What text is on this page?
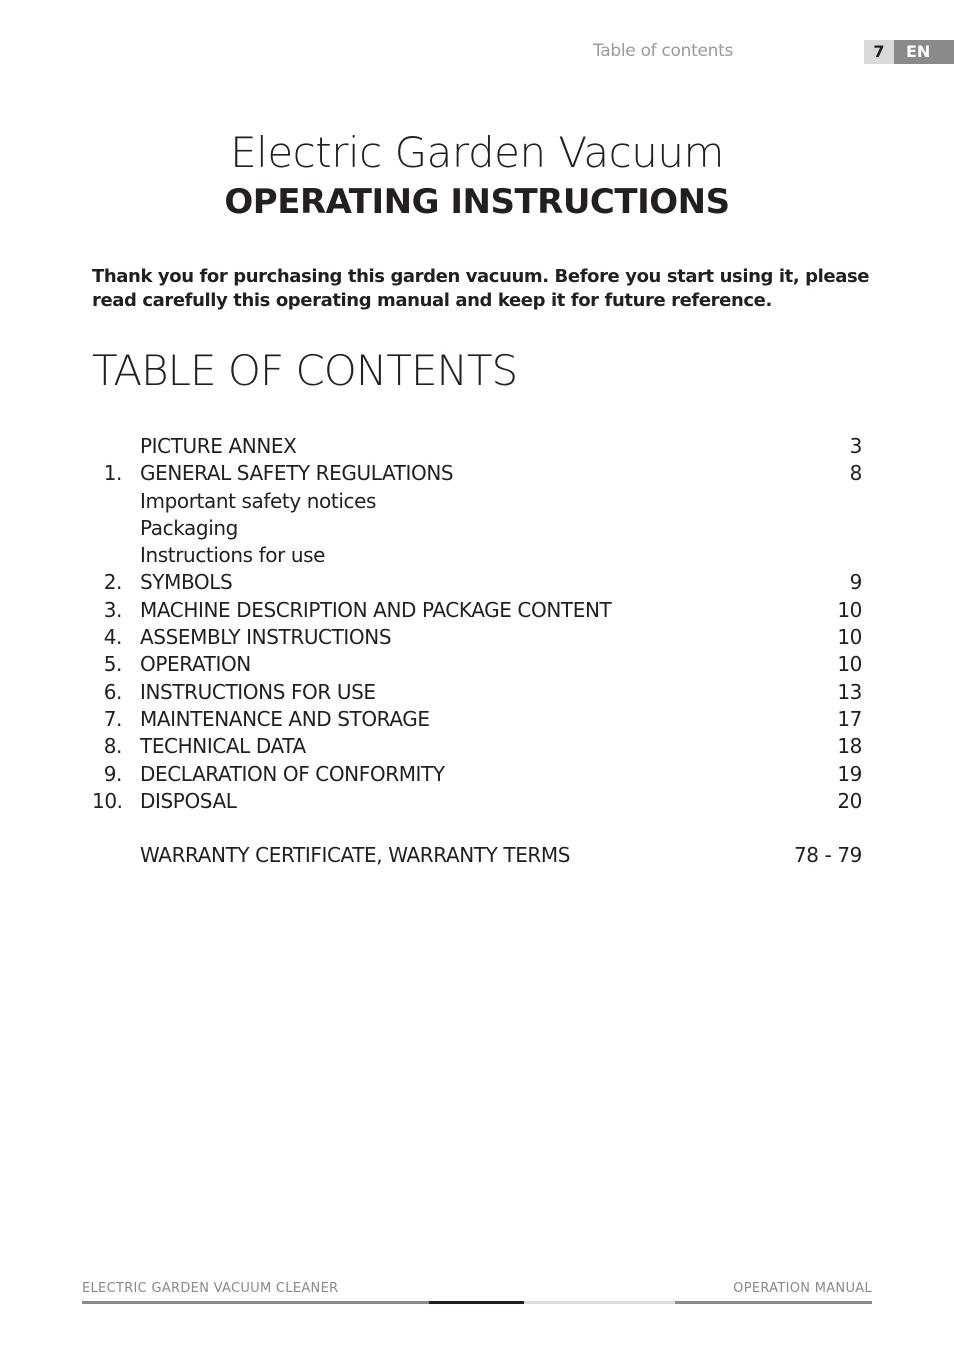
Table of contents	7	EN
Electric Garden Vacuum
OPERATING INSTRUCTIONS
Thank you for purchasing this garden vacuum. Before you start using it, please read carefully this operating manual and keep it for future reference.
TABLE OF CONTENTS
PICTURE ANNEX	3
1. GENERAL SAFETY REGULATIONS	8
Important safety notices
Packaging
Instructions for use
2. SYMBOLS	9
3. MACHINE DESCRIPTION AND PACKAGE CONTENT	10
4. ASSEMBLY INSTRUCTIONS	10
5. OPERATION	10
6. INSTRUCTIONS FOR USE	13
7. MAINTENANCE AND STORAGE	17
8. TECHNICAL DATA	18
9. DECLARATION OF CONFORMITY	19
10. DISPOSAL	20
WARRANTY CERTIFICATE, WARRANTY TERMS	78 - 79
ELECTRIC GARDEN VACUUM CLEANER	OPERATION MANUAL
